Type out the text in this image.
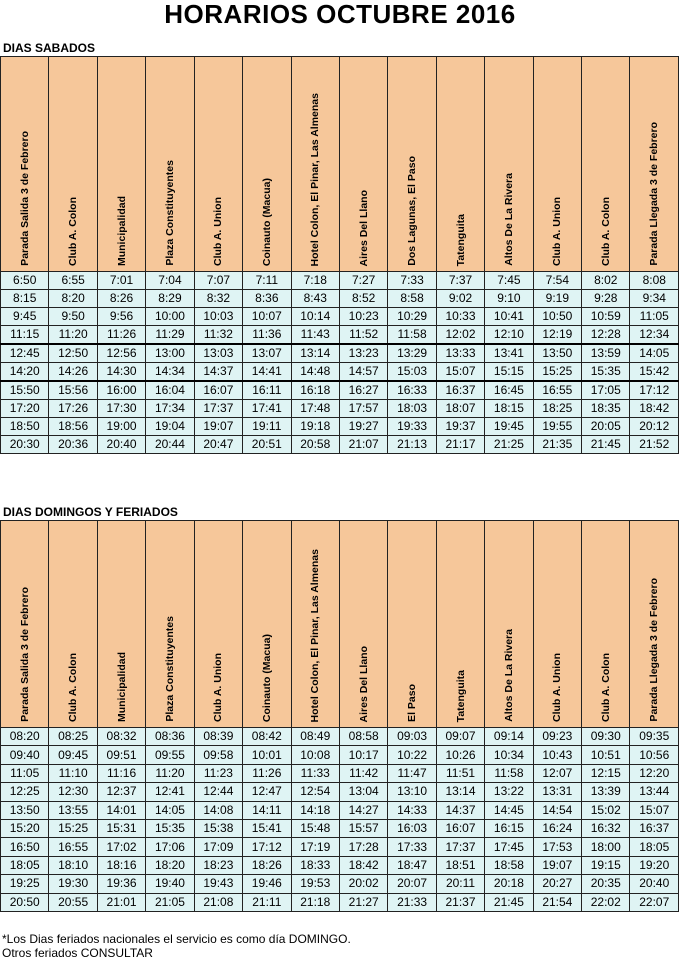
HORARIOS OCTUBRE 2016
DIAS SABADOS
Parada Salida 3 de Febrero	Club A. Colon	Municipalidad	Plaza Constituyentes	Club A. Union	Coinauto (Macua)	Hotel Colon, El Pinar, Las Almenas	Aires Del Llano	Dos Lagunas, El Paso	Tatenguita	Altos De La Rivera	Club A. Union	Club A. Colon	Parada Llegada 3 de Febrero
6:50	6:55	7:01	7:04	7:07	7:11	7:18	7:27	7:33	7:37	7:45	7:54	8:02	8:08
8:15	8:20	8:26	8:29	8:32	8:36	8:43	8:52	8:58	9:02	9:10	9:19	9:28	9:34
9:45	9:50	9:56	10:00	10:03	10:07	10:14	10:23	10:29	10:33	10:41	10:50	10:59	11:05
11:15	11:20	11:26	11:29	11:32	11:36	11:43	11:52	11:58	12:02	12:10	12:19	12:28	12:34
12:45	12:50	12:56	13:00	13:03	13:07	13:14	13:23	13:29	13:33	13:41	13:50	13:59	14:05
14:20	14:26	14:30	14:34	14:37	14:41	14:48	14:57	15:03	15:07	15:15	15:25	15:35	15:42
15:50	15:56	16:00	16:04	16:07	16:11	16:18	16:27	16:33	16:37	16:45	16:55	17:05	17:12
17:20	17:26	17:30	17:34	17:37	17:41	17:48	17:57	18:03	18:07	18:15	18:25	18:35	18:42
18:50	18:56	19:00	19:04	19:07	19:11	19:18	19:27	19:33	19:37	19:45	19:55	20:05	20:12
20:30	20:36	20:40	20:44	20:47	20:51	20:58	21:07	21:13	21:17	21:25	21:35	21:45	21:52
DIAS DOMINGOS Y FERIADOS
Parada Salida 3 de Febrero	Club A. Colon	Municipalidad	Plaza Constituyentes	Club A. Union	Coinauto (Macua)	Hotel Colon, El Pinar, Las Almenas	Aires Del Llano	El Paso	Tatenguita	Altos De La Rivera	Club A. Union	Club A. Colon	Parada Llegada 3 de Febrero
08:20	08:25	08:32	08:36	08:39	08:42	08:49	08:58	09:03	09:07	09:14	09:23	09:30	09:35
09:40	09:45	09:51	09:55	09:58	10:01	10:08	10:17	10:22	10:26	10:34	10:43	10:51	10:56
11:05	11:10	11:16	11:20	11:23	11:26	11:33	11:42	11:47	11:51	11:58	12:07	12:15	12:20
12:25	12:30	12:37	12:41	12:44	12:47	12:54	13:04	13:10	13:14	13:22	13:31	13:39	13:44
13:50	13:55	14:01	14:05	14:08	14:11	14:18	14:27	14:33	14:37	14:45	14:54	15:02	15:07
15:20	15:25	15:31	15:35	15:38	15:41	15:48	15:57	16:03	16:07	16:15	16:24	16:32	16:37
16:50	16:55	17:02	17:06	17:09	17:12	17:19	17:28	17:33	17:37	17:45	17:53	18:00	18:05
18:05	18:10	18:16	18:20	18:23	18:26	18:33	18:42	18:47	18:51	18:58	19:07	19:15	19:20
19:25	19:30	19:36	19:40	19:43	19:46	19:53	20:02	20:07	20:11	20:18	20:27	20:35	20:40
20:50	20:55	21:01	21:05	21:08	21:11	21:18	21:27	21:33	21:37	21:45	21:54	22:02	22:07
*Los Dias feriados nacionales el servicio es como día DOMINGO.
Otros feriados CONSULTAR
